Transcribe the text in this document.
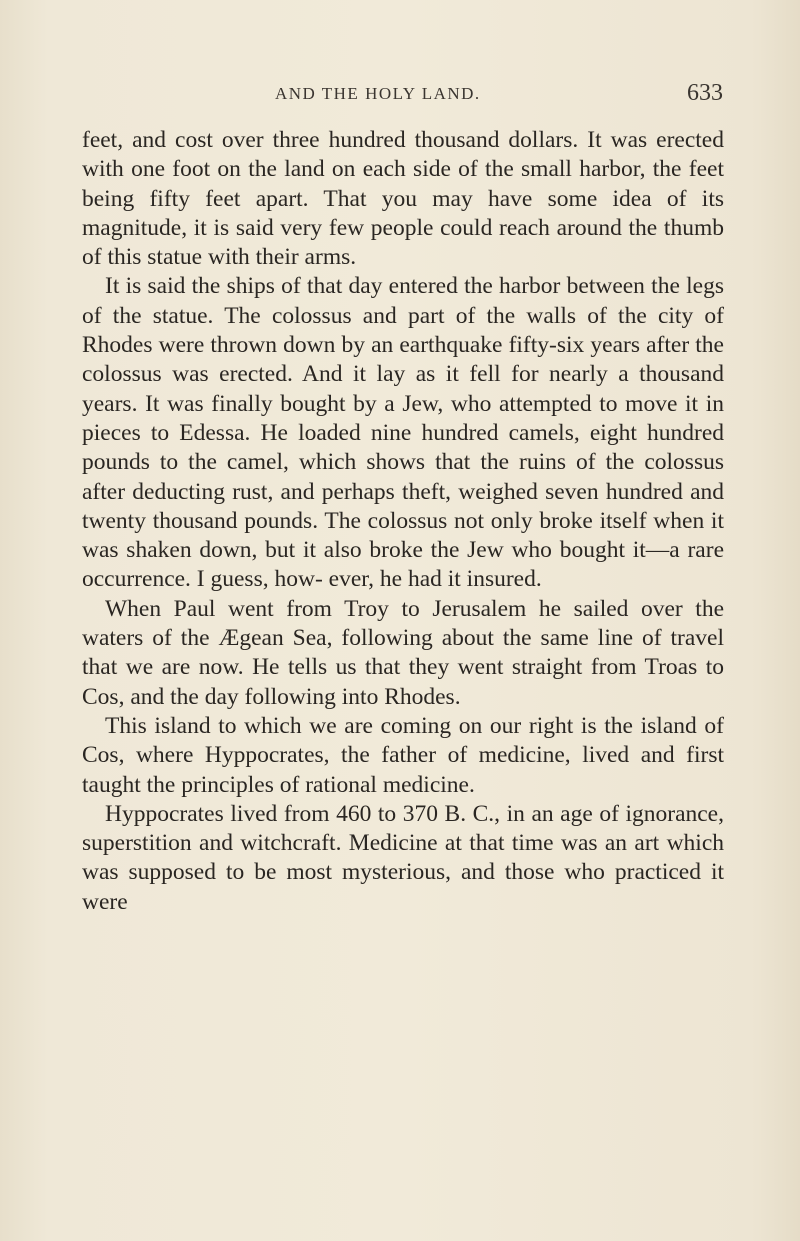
AND THE HOLY LAND.	633

feet, and cost over three hundred thousand dollars. It was erected with one foot on the land on each side of the small harbor, the feet being fifty feet apart. That you may have some idea of its magnitude, it is said very few people could reach around the thumb of this statue with their arms.

It is said the ships of that day entered the harbor between the legs of the statue. The colossus and part of the walls of the city of Rhodes were thrown down by an earthquake fifty-six years after the colossus was erected. And it lay as it fell for nearly a thousand years. It was finally bought by a Jew, who attempted to move it in pieces to Edessa. He loaded nine hundred camels, eight hundred pounds to the camel, which shows that the ruins of the colossus after deducting rust, and perhaps theft, weighed seven hundred and twenty thousand pounds. The colossus not only broke itself when it was shaken down, but it also broke the Jew who bought it—a rare occurrence. I guess, how- ever, he had it insured.

When Paul went from Troy to Jerusalem he sailed over the waters of the Ægean Sea, following about the same line of travel that we are now. He tells us that they went straight from Troas to Cos, and the day following into Rhodes.

This island to which we are coming on our right is the island of Cos, where Hyppocrates, the father of medicine, lived and first taught the principles of rational medicine.

Hyppocrates lived from 460 to 370 B. C., in an age of ignorance, superstition and witchcraft. Medicine at that time was an art which was supposed to be most mysterious, and those who practiced it were
